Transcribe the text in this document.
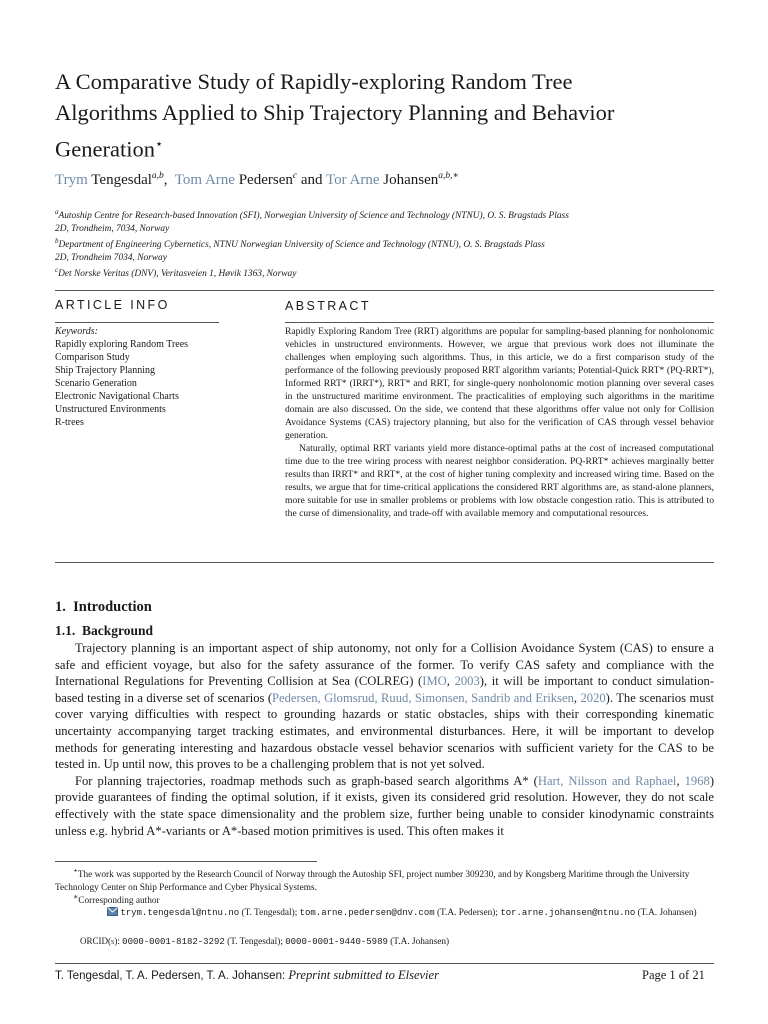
A Comparative Study of Rapidly-exploring Random Tree
Algorithms Applied to Ship Trajectory Planning and Behavior
Generation⋆
Trym Tengesdal$^{a,b}$, Tom Arne Pedersen$^c$ and Tor Arne Johansen$^{a,b,∗}$
$^a$Autoship Centre for Research-based Innovation (SFI), Norwegian University of Science and Technology (NTNU), O. S. Bragstads Plass
2D, Trondheim, 7034, Norway
$^b$Department of Engineering Cybernetics, NTNU Norwegian University of Science and Technology (NTNU), O. S. Bragstads Plass
2D, Trondheim 7034, Norway
$^c$Det Norske Veritas (DNV), Veritasveien 1, Høvik 1363, Norway
ARTICLE INFO	ABSTRACT
Keywords:
Rapidly exploring Random Trees
Comparison Study
Ship Trajectory Planning
Scenario Generation
Electronic Navigational Charts
Unstructured Environments
R-trees

Rapidly Exploring Random Tree (RRT) algorithms are popular for sampling-based planning for nonholonomic vehicles in unstructured environments. However, we argue that previous work does not illuminate the challenges when employing such algorithms. Thus, in this article, we do a first comparison study of the performance of the following previously proposed RRT algorithm variants; Potential-Quick RRT* (PQ-RRT*), Informed RRT* (IRRT*), RRT* and RRT, for single-query nonholonomic motion planning over several cases in the unstructured maritime environment. The practicalities of employing such algorithms in the maritime domain are also discussed. On the side, we contend that these algorithms offer value not only for Collision Avoidance Systems (CAS) trajectory planning, but also for the verification of CAS through vessel behavior generation.

Naturally, optimal RRT variants yield more distance-optimal paths at the cost of increased computational time due to the tree wiring process with nearest neighbor consideration. PQ-RRT* achieves marginally better results than IRRT* and RRT*, at the cost of higher tuning complexity and increased wiring time. Based on the results, we argue that for time-critical applications the considered RRT algorithms are, as stand-alone planners, more suitable for use in smaller problems or problems with low obstacle congestion ratio. This is attributed to the curse of dimensionality, and trade-off with available memory and computational resources.

1. Introduction
1.1. Background

Trajectory planning is an important aspect of ship autonomy, not only for a Collision Avoidance System (CAS) to ensure a safe and efficient voyage, but also for the safety assurance of the former. To verify CAS safety and compliance with the International Regulations for Preventing Collision at Sea (COLREG) (IMO, 2003), it will be important to conduct simulation-based testing in a diverse set of scenarios (Pedersen, Glomsrud, Ruud, Simonsen, Sandrib and Eriksen, 2020). The scenarios must cover varying difficulties with respect to grounding hazards or static obstacles, ships with their corresponding kinematic uncertainty accompanying target tracking estimates, and environmental disturbances. Here, it will be important to develop methods for generating interesting and hazardous obstacle vessel behavior scenarios with sufficient variety for the CAS to be tested in. Up until now, this proves to be a challenging problem that is not yet solved.

For planning trajectories, roadmap methods such as graph-based search algorithms A* (Hart, Nilsson and Raphael, 1968) provide guarantees of finding the optimal solution, if it exists, given its considered grid resolution. However, they do not scale effectively with the state space dimensionality and the problem size, further being unable to consider kinodynamic constraints unless e.g. hybrid A*-variants or A*-based motion primitives is used. This often makes it

⋆The work was supported by the Research Council of Norway through the Autoship SFI, project number 309230, and by Kongsberg Maritime through the University Technology Center on Ship Performance and Cyber Physical Systems.
∗Corresponding author
trym.tengesdal@ntnu.no (T. Tengesdal); tom.arne.pedersen@dnv.com (T.A. Pedersen); tor.arne.johansen@ntnu.no (T.A. Johansen)
ORCID(s): 0000-0001-8182-3292 (T. Tengesdal); 0000-0001-9440-5989 (T.A. Johansen)
T. Tengesdal, T. A. Pedersen, T. A. Johansen: Preprint submitted to Elsevier	Page 1 of 21
